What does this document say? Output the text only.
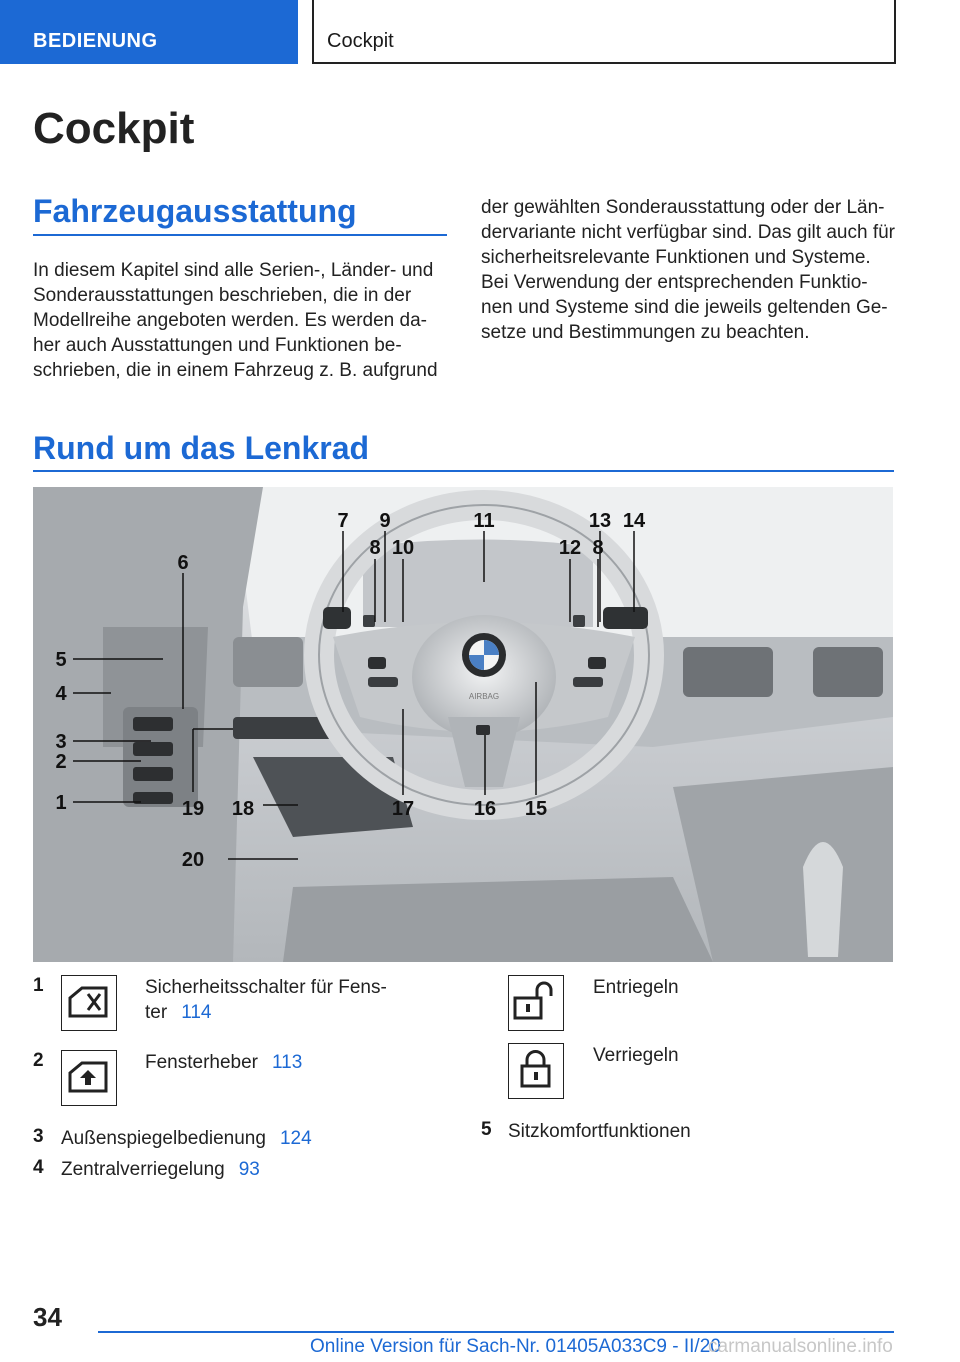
BEDIENUNG	Cockpit
Cockpit
Fahrzeugausstattung
In diesem Kapitel sind alle Serien-, Länder- und
Sonderausstattungen beschrieben, die in der
Modellreihe angeboten werden. Es werden da-
her auch Ausstattungen und Funktionen be-
schrieben, die in einem Fahrzeug z. B. aufgrund
der gewählten Sonderausstattung oder der Län-
dervariante nicht verfügbar sind. Das gilt auch für
sicherheitsrelevante Funktionen und Systeme.
Bei Verwendung der entsprechenden Funktio-
nen und Systeme sind die jeweils geltenden Ge-
setze und Bestimmungen zu beachten.
Rund um das Lenkrad
AIRBAG
7 9	11	13 14
8 10	12 8
6
5
4
3
2
1	19 18	17	16 15
20
1	Sicherheitsschalter für Fens-
ter 114
2	Fensterheber 113
3 Außenspiegelbedienung 124
4 Zentralverriegelung 93
Entriegeln
Verriegeln
5 Sitzkomfortfunktionen
34
Online Version für Sach-Nr. 01405A033C9 - II/20
carmanualsonline.info
